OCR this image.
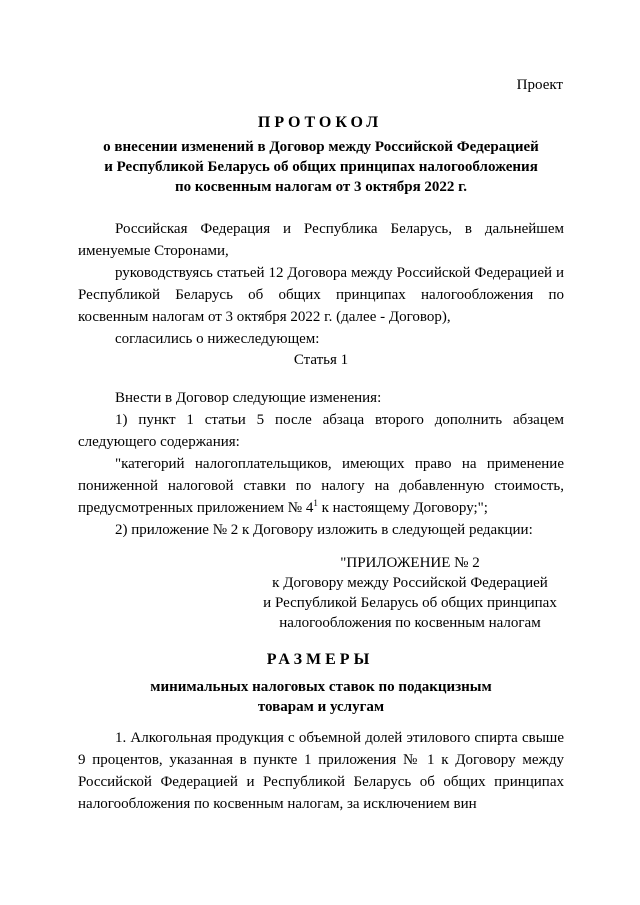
Проект
ПРОТОКОЛ
о внесении изменений в Договор между Российской Федерацией
и Республикой Беларусь об общих принципах налогообложения
по косвенным налогам от 3 октября 2022 г.

Российская Федерация и Республика Беларусь, в дальнейшем именуемые Сторонами,

руководствуясь статьей 12 Договора между Российской Федерацией и Республикой Беларусь об общих принципах налогообложения по косвенным налогам от 3 октября 2022 г. (далее - Договор),

согласились о нижеследующем:

Статья 1

Внести в Договор следующие изменения:

1) пункт 1 статьи 5 после абзаца второго дополнить абзацем следующего содержания:

"категорий налогоплательщиков, имеющих право на применение пониженной налоговой ставки по налогу на добавленную стоимость, предусмотренных приложением № $4^1$ к настоящему Договору;";

2) приложение № 2 к Договору изложить в следующей редакции:

"ПРИЛОЖЕНИЕ № 2
к Договору между Российской Федерацией
и Республикой Беларусь об общих принципах
налогообложения по косвенным налогам
РАЗМЕРЫ
минимальных налоговых ставок по подакцизным
товарам и услугам

1. Алкогольная продукция с объемной долей этилового спирта свыше 9 процентов, указанная в пункте 1 приложения № 1 к Договору между Российской Федерацией и Республикой Беларусь об общих принципах налогообложения по косвенным налогам, за исключением вин
